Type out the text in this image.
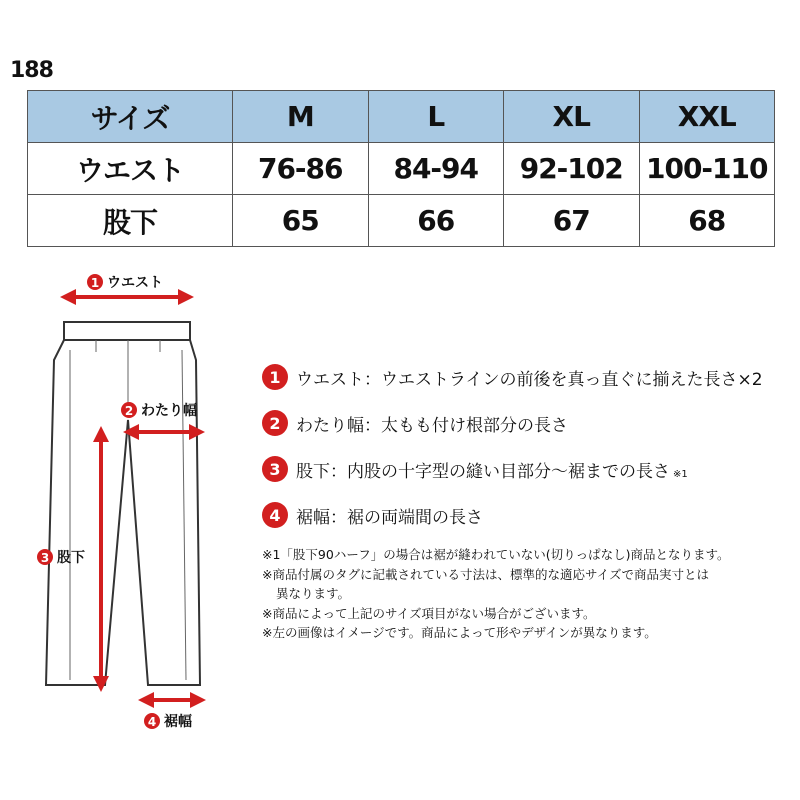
188
サイズ	M	L	XL	XXL
ウエスト	76-86	84-94	92-102	100-110
股下	65	66	67	68
1 ウエスト
2 わたり幅
3 股下
4 裾幅
1 ウエスト：ウエストラインの前後を真っ直ぐに揃えた長さ×2
2 わたり幅：太もも付け根部分の長さ
3 股下：内股の十字型の縫い目部分～裾までの長さ ※1
4 裾幅：裾の両端間の長さ
※1「股下90ハーフ」の場合は裾が縫われていない(切りっぱなし)商品となります。
※商品付属のタグに記載されている寸法は、標準的な適応サイズで商品実寸とは
異なります。
※商品によって上記のサイズ項目がない場合がございます。
※左の画像はイメージです。商品によって形やデザインが異なります。
